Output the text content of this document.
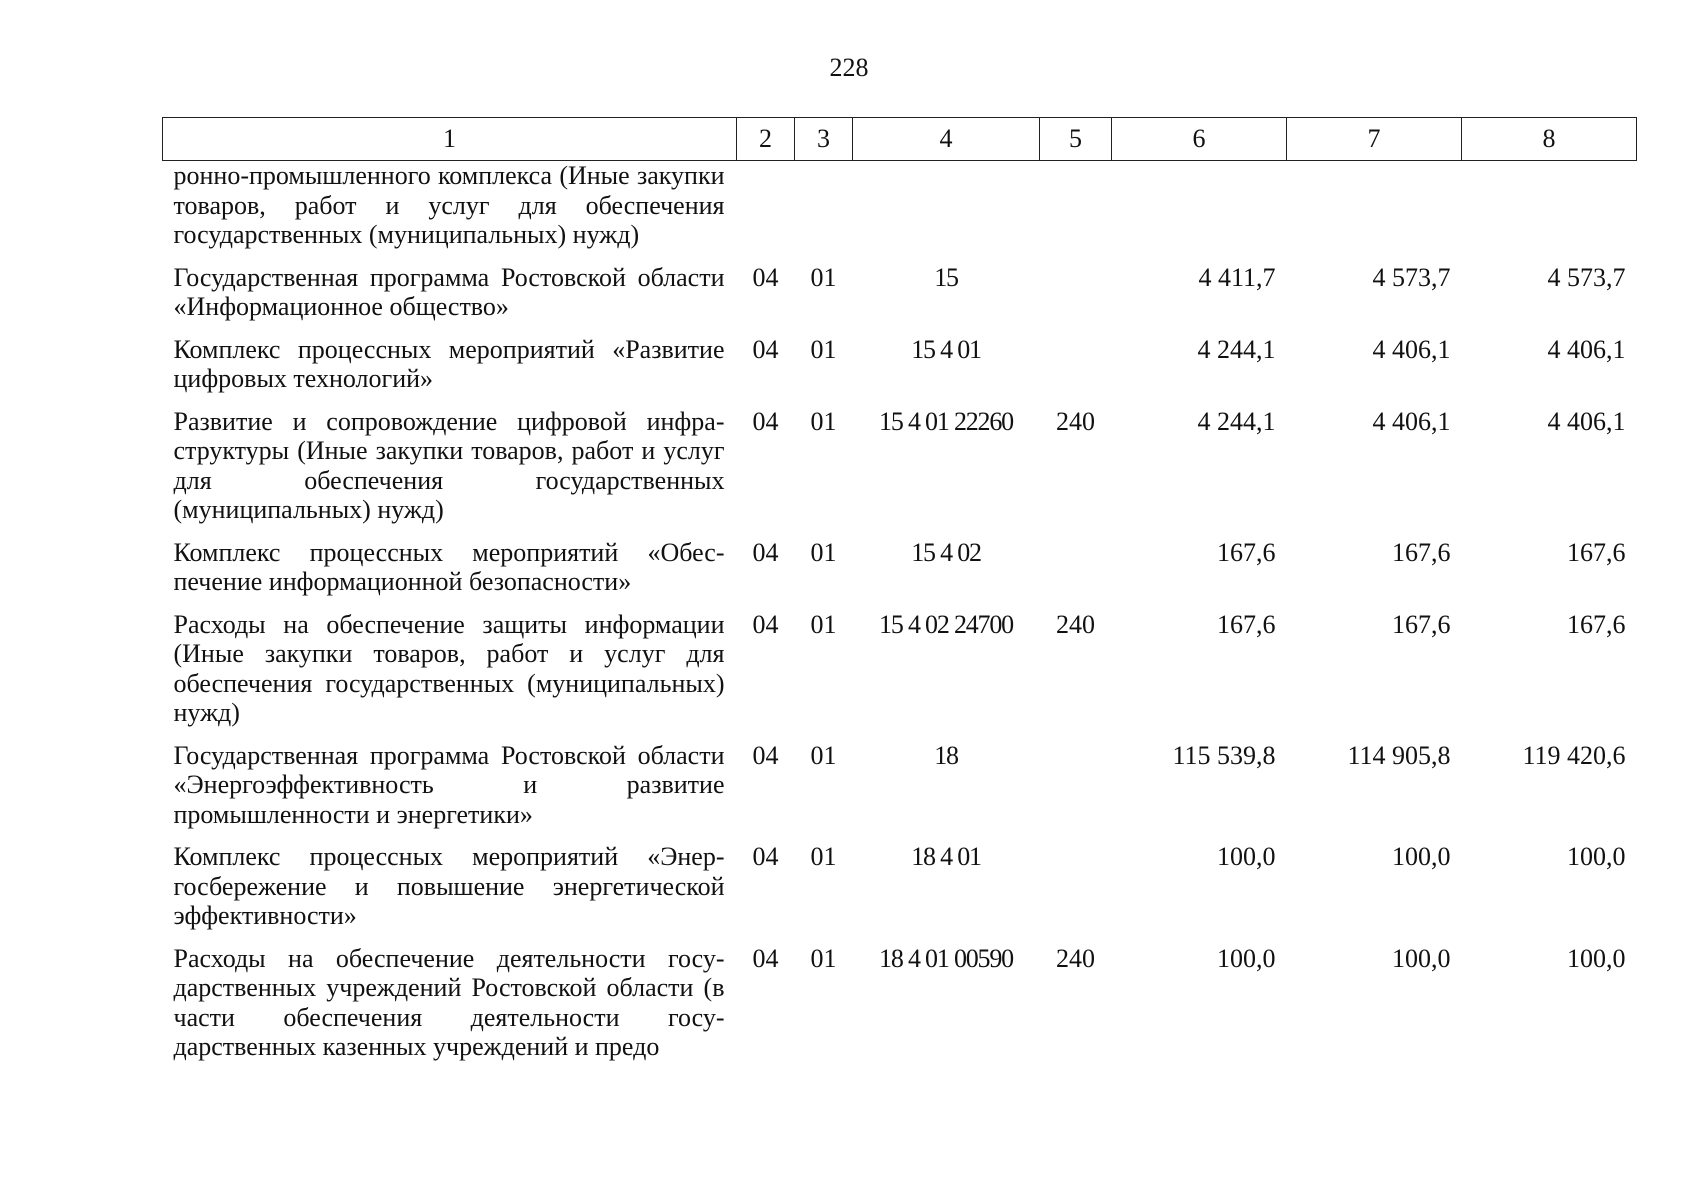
228
1	2	3	4	5	6	7	8
ронно-промышленного комплекса (Иные закупки товаров, работ и услуг для обеспечения государственных (муниципальных) нужд)							
Государственная программа Ростовской области «Информационное общество»	04	01	15		4 411,7	4 573,7	4 573,7
Комплекс процессных мероприятий «Развитие цифровых технологий»	04	01	15 4 01		4 244,1	4 406,1	4 406,1
Развитие и сопровождение цифровой инфраструктуры (Иные закупки товаров, работ и услуг для обеспечения государственных (муниципальных) нужд)	04	01	15 4 01 22260	240	4 244,1	4 406,1	4 406,1
Комплекс процессных мероприятий «Обеспечение информационной безопасности»	04	01	15 4 02		167,6	167,6	167,6
Расходы на обеспечение защиты информации (Иные закупки товаров, работ и услуг для обеспечения государственных (муниципальных) нужд)	04	01	15 4 02 24700	240	167,6	167,6	167,6
Государственная программа Ростовской области «Энергоэффективность и развитие промышленности и энергетики»	04	01	18		115 539,8	114 905,8	119 420,6
Комплекс процессных мероприятий «Энергосбережение и повышение энергетической эффективности»	04	01	18 4 01		100,0	100,0	100,0
Расходы на обеспечение деятельности государственных учреждений Ростовской области (в части обеспечения деятельности государственных казенных учреждений и предо	04	01	18 4 01 00590	240	100,0	100,0	100,0
